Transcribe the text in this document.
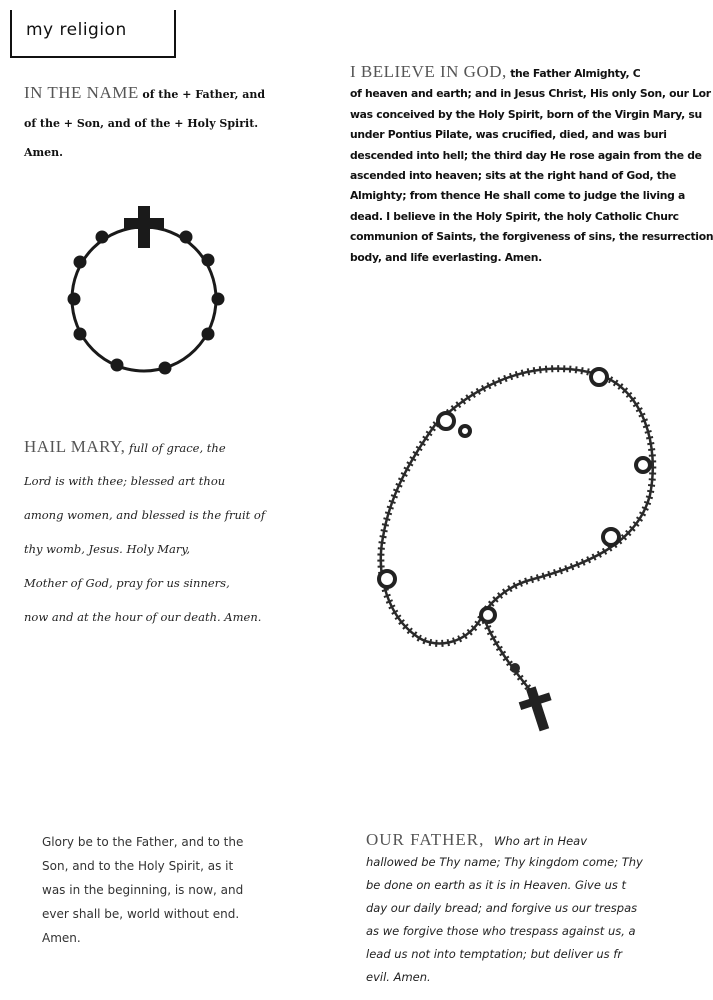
my religion
IN THE NAME of the + Father, and
of the + Son, and of the + Holy Spirit.
Amen.
I BELIEVE IN GOD, the Father Almighty, C
of heaven and earth; and in Jesus Christ, His only Son, our Lor
was conceived by the Holy Spirit, born of the Virgin Mary, su
under Pontius Pilate, was crucified, died, and was buri
descended into hell; the third day He rose again from the de
ascended into heaven; sits at the right hand of God, the
Almighty; from thence He shall come to judge the living a
dead. I believe in the Holy Spirit, the holy Catholic Churc
communion of Saints, the forgiveness of sins, the resurrection
body, and life everlasting. Amen.
HAIL MARY, full of grace, the
Lord is with thee; blessed art thou
among women, and blessed is the fruit of
thy womb, Jesus. Holy Mary,
Mother of God, pray for us sinners,
now and at the hour of our death. Amen.
Glory be to the Father, and to the
Son, and to the Holy Spirit, as it
was in the beginning, is now, and
ever shall be, world without end.
Amen.
OUR FATHER, Who art in Heav
hallowed be Thy name; Thy kingdom come; Thy
be done on earth as it is in Heaven. Give us t
day our daily bread; and forgive us our trespas
as we forgive those who trespass against us, a
lead us not into temptation; but deliver us fr
evil. Amen.
